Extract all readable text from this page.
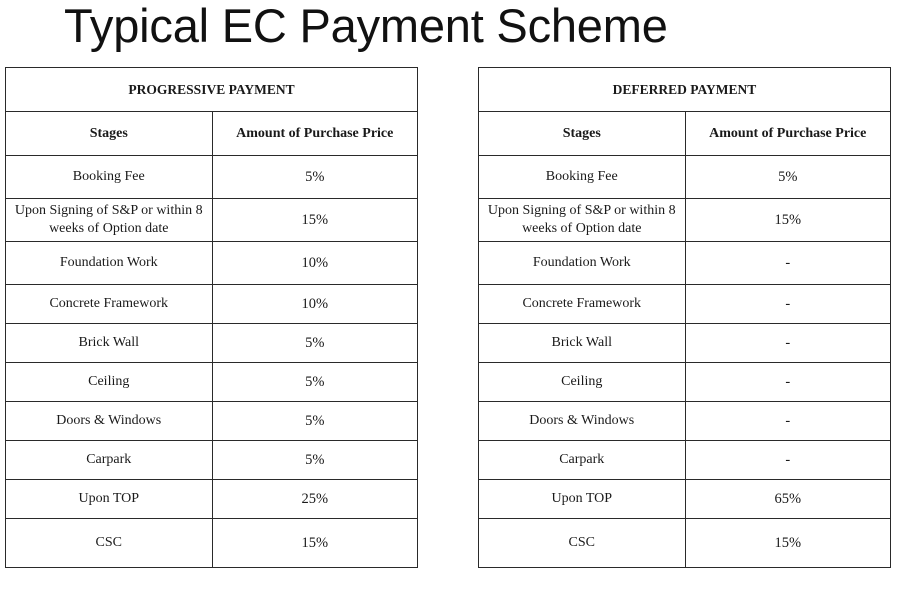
Typical EC Payment Scheme
PROGRESSIVE PAYMENT	
Stages	Amount of Purchase Price
Booking Fee	5%
Upon Signing of S&P or within 8 weeks of Option date	15%
Foundation Work	10%
Concrete Framework	10%
Brick Wall	5%
Ceiling	5%
Doors & Windows	5%
Carpark	5%
Upon TOP	25%
CSC	15%
DEFERRED PAYMENT	
Stages	Amount of Purchase Price
Booking Fee	5%
Upon Signing of S&P or within 8 weeks of Option date	15%
Foundation Work	-
Concrete Framework	-
Brick Wall	-
Ceiling	-
Doors & Windows	-
Carpark	-
Upon TOP	65%
CSC	15%
